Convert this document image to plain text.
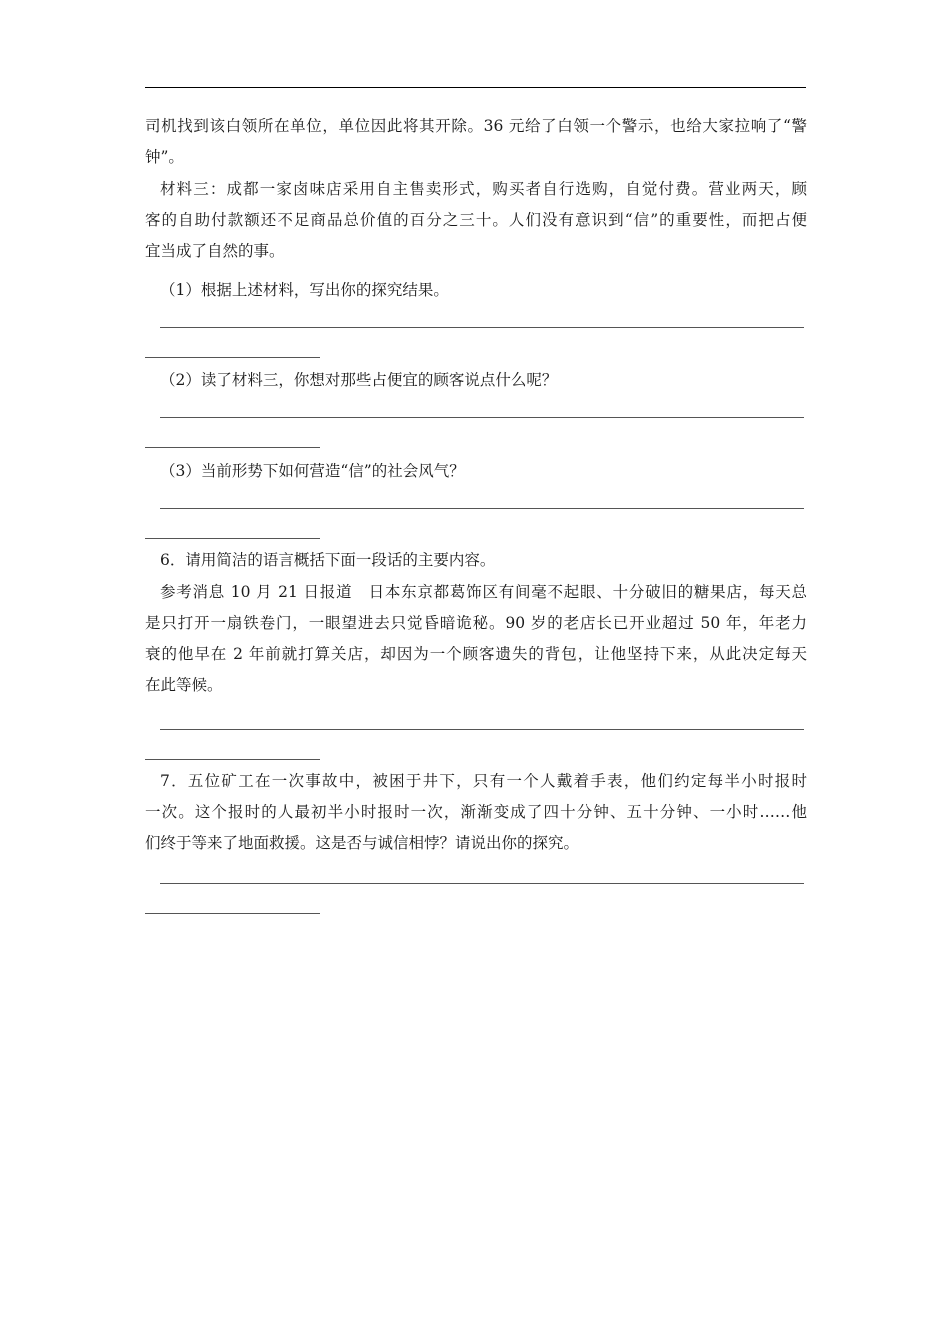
司机找到该白领所在单位，单位因此将其开除。36 元给了白领一个警示，也给大家拉响了“警
钟”。
材料三：成都一家卤味店采用自主售卖形式，购买者自行选购，自觉付费。营业两天，顾
客的自助付款额还不足商品总价值的百分之三十。人们没有意识到“信”的重要性，而把占便
宜当成了自然的事。
（1）根据上述材料，写出你的探究结果。
（2）读了材料三，你想对那些占便宜的顾客说点什么呢？
（3）当前形势下如何营造“信”的社会风气？
6．请用简洁的语言概括下面一段话的主要内容。
参考消息 10 月 21 日报道　日本东京都葛饰区有间毫不起眼、十分破旧的糖果店，每天总
是只打开一扇铁卷门，一眼望进去只觉昏暗诡秘。90 岁的老店长已开业超过 50 年，年老力
衰的他早在 2 年前就打算关店，却因为一个顾客遗失的背包，让他坚持下来，从此决定每天
在此等候。
7．五位矿工在一次事故中，被困于井下，只有一个人戴着手表，他们约定每半小时报时
一次。这个报时的人最初半小时报时一次，渐渐变成了四十分钟、五十分钟、一小时……他
们终于等来了地面救援。这是否与诚信相悖？请说出你的探究。
